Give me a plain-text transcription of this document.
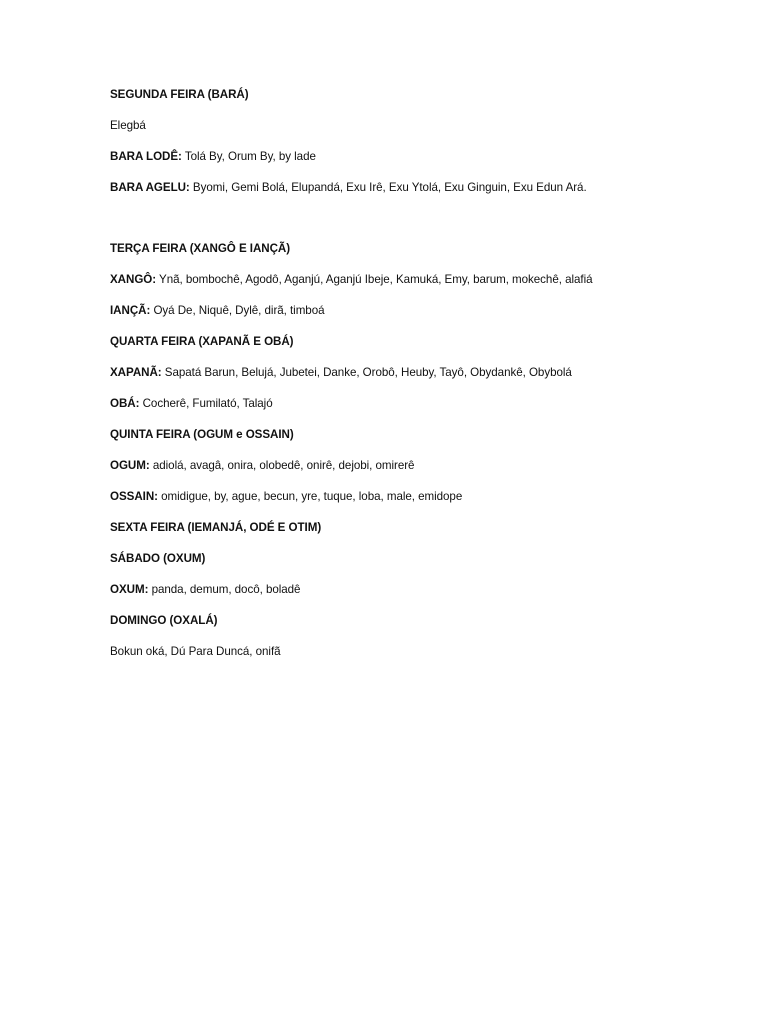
SEGUNDA FEIRA (BARÁ)
Elegbá
BARA LODÊ: Tolá By, Orum By, by lade
BARA AGELU: Byomi, Gemi Bolá, Elupandá, Exu Irê, Exu Ytolá, Exu Ginguin, Exu Edun Ará.
TERÇA FEIRA (XANGÔ E IANÇÃ)
XANGÔ: Ynã, bombochê, Agodô, Aganjú, Aganjú Ibeje, Kamuká, Emy, barum, mokechê, alafiá
IANÇÃ: Oyá De, Niquê, Dylê, dirã, timboá
QUARTA FEIRA (XAPANÃ E OBÁ)
XAPANÃ: Sapatá Barun, Belujá, Jubetei, Danke, Orobô, Heuby, Tayô, Obydankê, Obybolá
OBÁ: Cocherê, Fumilató, Talajó
QUINTA FEIRA (OGUM e OSSAIN)
OGUM: adiolá, avagâ, onira, olobedê, onirê, dejobi, omirerê
OSSAIN: omidigue, by, ague, becun, yre, tuque, loba, male, emidope
SEXTA FEIRA (IEMANJÁ, ODÉ E OTIM)
SÁBADO (OXUM)
OXUM: panda, demum, docô, boladê
DOMINGO (OXALÁ)
Bokun oká, Dú Para Duncá, onifã
